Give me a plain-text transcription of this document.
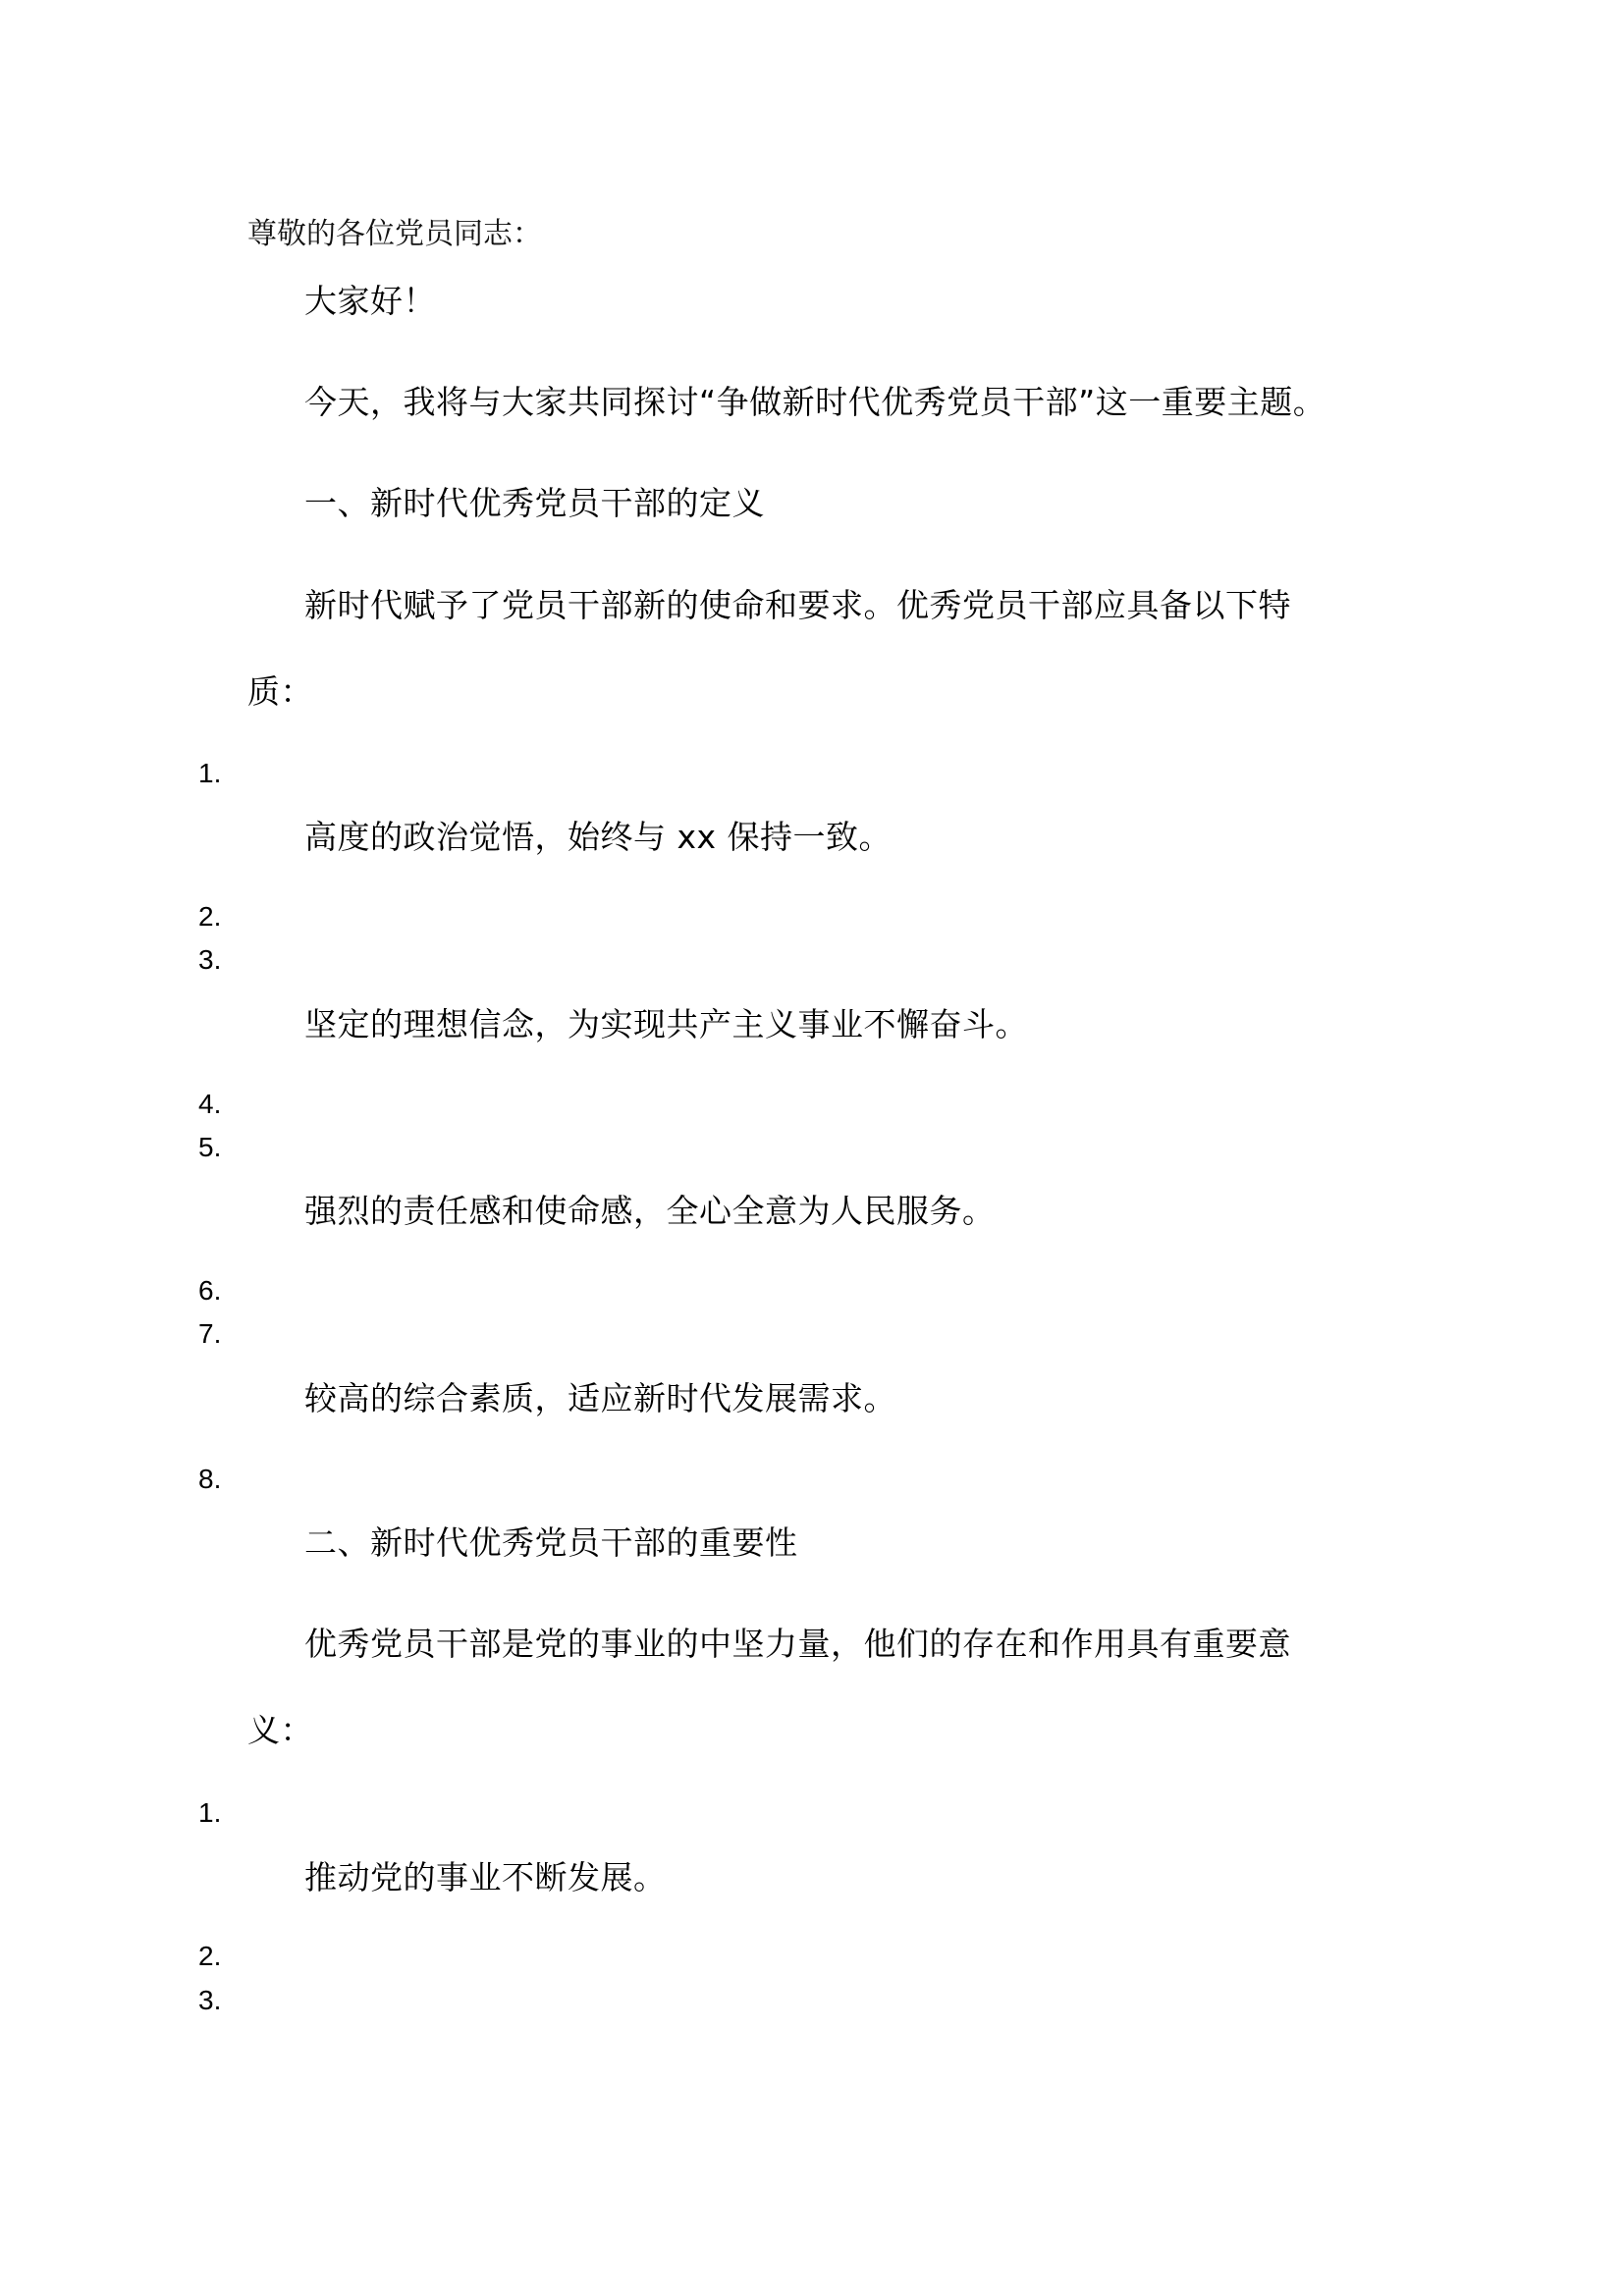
尊敬的各位党员同志：
大家好！
今天，我将与大家共同探讨“争做新时代优秀党员干部”这一重要主题。
一、新时代优秀党员干部的定义
新时代赋予了党员干部新的使命和要求。优秀党员干部应具备以下特
质：
1.
高度的政治觉悟，始终与 xx 保持一致。
2.
3.
坚定的理想信念，为实现共产主义事业不懈奋斗。
4.
5.
强烈的责任感和使命感，全心全意为人民服务。
6.
7.
较高的综合素质，适应新时代发展需求。
8.
二、新时代优秀党员干部的重要性
优秀党员干部是党的事业的中坚力量，他们的存在和作用具有重要意
义：
1.
推动党的事业不断发展。
2.
3.
